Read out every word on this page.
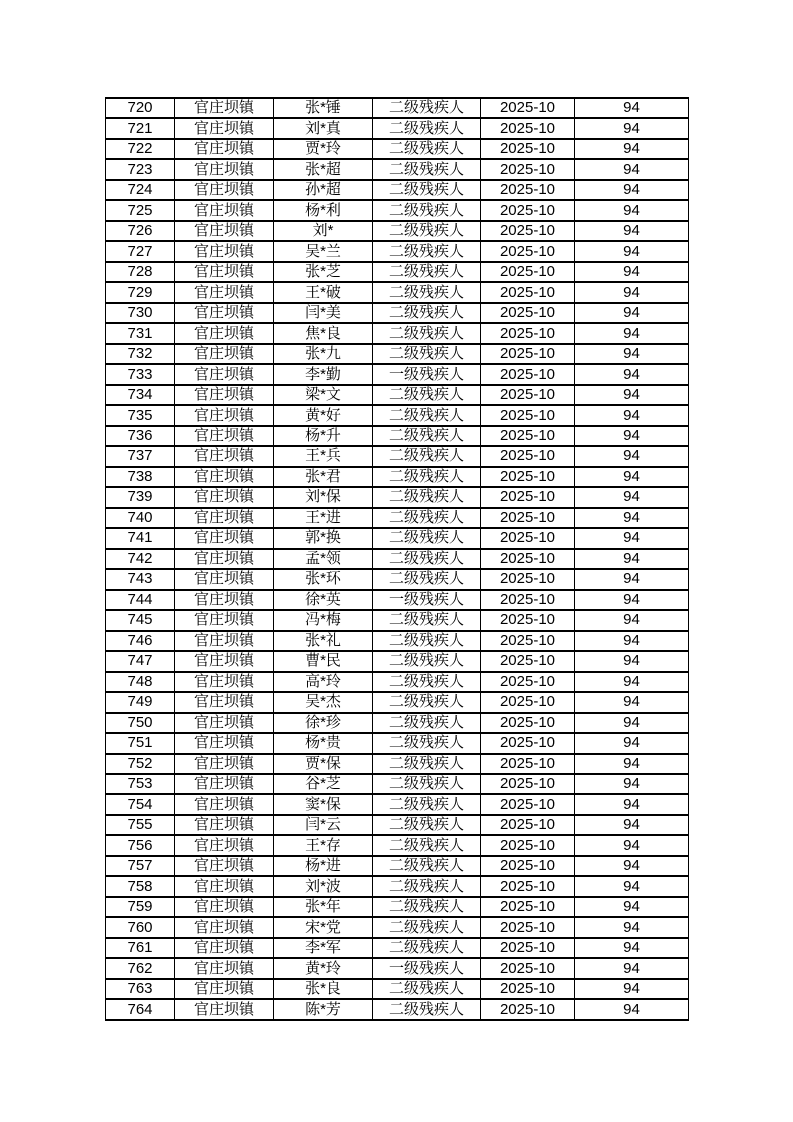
720	官庄坝镇	张*锤	二级残疾人	2025-10	94
721	官庄坝镇	刘*真	二级残疾人	2025-10	94
722	官庄坝镇	贾*玲	二级残疾人	2025-10	94
723	官庄坝镇	张*超	二级残疾人	2025-10	94
724	官庄坝镇	孙*超	二级残疾人	2025-10	94
725	官庄坝镇	杨*利	二级残疾人	2025-10	94
726	官庄坝镇	刘*	二级残疾人	2025-10	94
727	官庄坝镇	吴*兰	二级残疾人	2025-10	94
728	官庄坝镇	张*芝	二级残疾人	2025-10	94
729	官庄坝镇	王*破	二级残疾人	2025-10	94
730	官庄坝镇	闫*美	二级残疾人	2025-10	94
731	官庄坝镇	焦*良	二级残疾人	2025-10	94
732	官庄坝镇	张*九	二级残疾人	2025-10	94
733	官庄坝镇	李*勤	一级残疾人	2025-10	94
734	官庄坝镇	梁*文	二级残疾人	2025-10	94
735	官庄坝镇	黄*好	二级残疾人	2025-10	94
736	官庄坝镇	杨*升	二级残疾人	2025-10	94
737	官庄坝镇	王*兵	二级残疾人	2025-10	94
738	官庄坝镇	张*君	二级残疾人	2025-10	94
739	官庄坝镇	刘*保	二级残疾人	2025-10	94
740	官庄坝镇	王*进	二级残疾人	2025-10	94
741	官庄坝镇	郭*换	二级残疾人	2025-10	94
742	官庄坝镇	孟*领	二级残疾人	2025-10	94
743	官庄坝镇	张*环	二级残疾人	2025-10	94
744	官庄坝镇	徐*英	一级残疾人	2025-10	94
745	官庄坝镇	冯*梅	二级残疾人	2025-10	94
746	官庄坝镇	张*礼	二级残疾人	2025-10	94
747	官庄坝镇	曹*民	二级残疾人	2025-10	94
748	官庄坝镇	高*玲	二级残疾人	2025-10	94
749	官庄坝镇	吴*杰	二级残疾人	2025-10	94
750	官庄坝镇	徐*珍	二级残疾人	2025-10	94
751	官庄坝镇	杨*贵	二级残疾人	2025-10	94
752	官庄坝镇	贾*保	二级残疾人	2025-10	94
753	官庄坝镇	谷*芝	二级残疾人	2025-10	94
754	官庄坝镇	窦*保	二级残疾人	2025-10	94
755	官庄坝镇	闫*云	二级残疾人	2025-10	94
756	官庄坝镇	王*存	二级残疾人	2025-10	94
757	官庄坝镇	杨*进	二级残疾人	2025-10	94
758	官庄坝镇	刘*波	二级残疾人	2025-10	94
759	官庄坝镇	张*年	二级残疾人	2025-10	94
760	官庄坝镇	宋*党	二级残疾人	2025-10	94
761	官庄坝镇	李*军	二级残疾人	2025-10	94
762	官庄坝镇	黄*玲	一级残疾人	2025-10	94
763	官庄坝镇	张*良	二级残疾人	2025-10	94
764	官庄坝镇	陈*芳	二级残疾人	2025-10	94
